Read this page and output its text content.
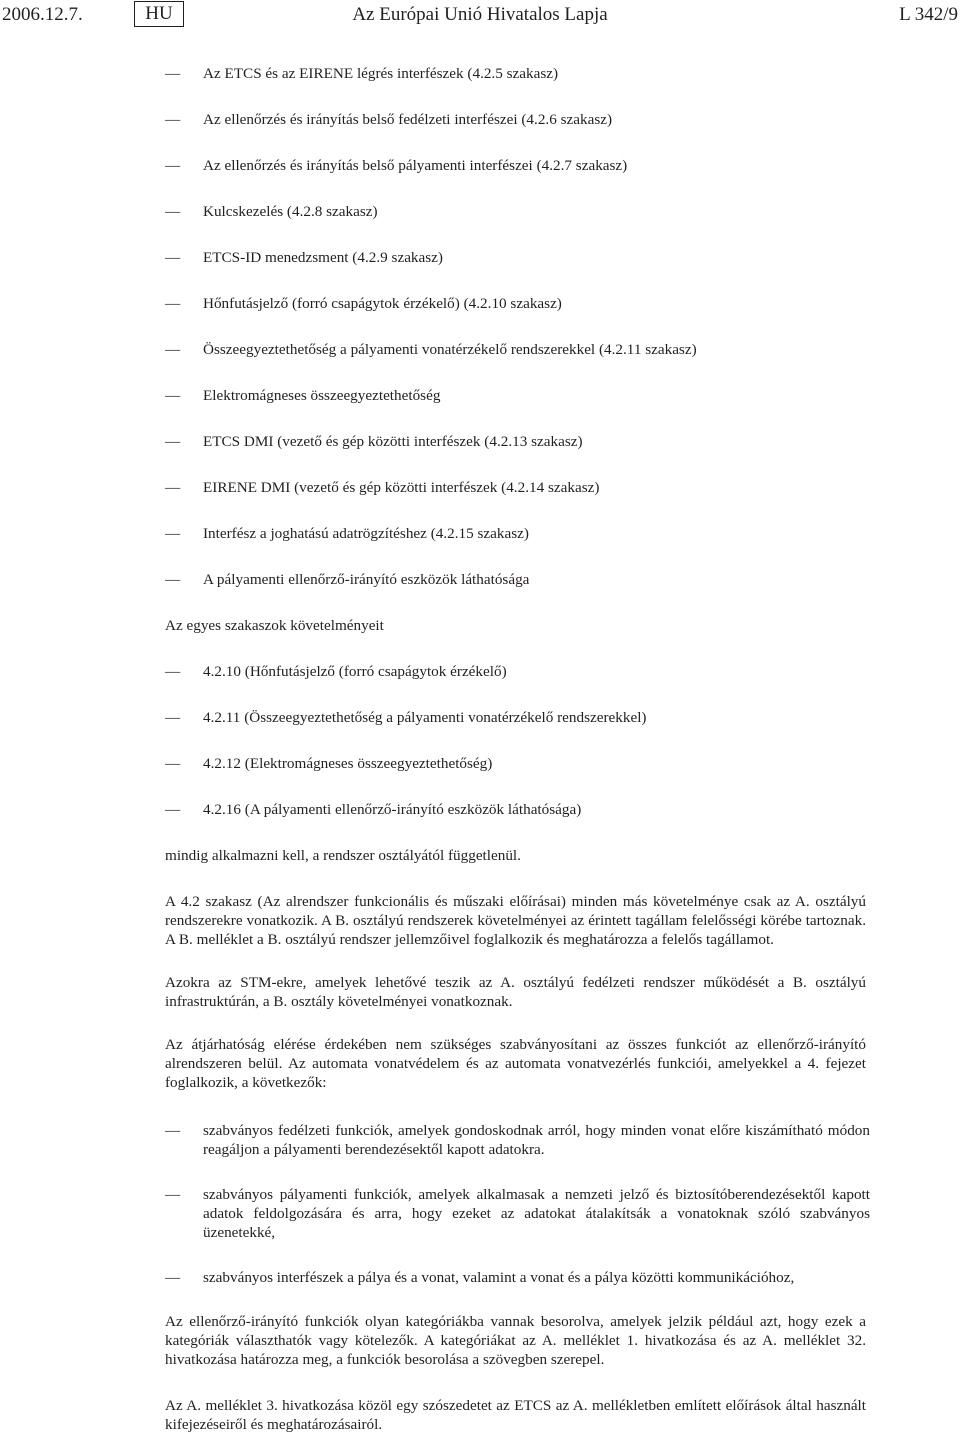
2006.12.7.	Az Európai Unió Hivatalos Lapja
HU	L 342/9
—	Az ETCS és az EIRENE légrés interfészek (4.2.5 szakasz)
—	Az ellenőrzés és irányítás belső fedélzeti interfészei (4.2.6 szakasz)
—	Az ellenőrzés és irányítás belső pályamenti interfészei (4.2.7 szakasz)
—	Kulcskezelés (4.2.8 szakasz)
—	ETCS-ID menedzsment (4.2.9 szakasz)
—	Hőnfutásjelző (forró csapágytok érzékelő) (4.2.10 szakasz)
—	Összeegyeztethetőség a pályamenti vonatérzékelő rendszerekkel (4.2.11 szakasz)
—	Elektromágneses összeegyeztethetőség
—	ETCS DMI (vezető és gép közötti interfészek (4.2.13 szakasz)
—	EIRENE DMI (vezető és gép közötti interfészek (4.2.14 szakasz)
—	Interfész a joghatású adatrögzítéshez (4.2.15 szakasz)
—	A pályamenti ellenőrző-irányító eszközök láthatósága
Az egyes szakaszok követelményeit
—	4.2.10 (Hőnfutásjelző (forró csapágytok érzékelő)
—	4.2.11 (Összeegyeztethetőség a pályamenti vonatérzékelő rendszerekkel)
—	4.2.12 (Elektromágneses összeegyeztethetőség)
—	4.2.16 (A pályamenti ellenőrző-irányító eszközök láthatósága)
mindig alkalmazni kell, a rendszer osztályától függetlenül.
A 4.2 szakasz (Az alrendszer funkcionális és műszaki előírásai) minden más követelménye csak az A. osztályú rendszerekre vonatkozik. A B. osztályú rendszerek követelményei az érintett tagállam felelősségi körébe tartoznak. A B. melléklet a B. osztályú rendszer jellemzőivel foglalkozik és meghatározza a felelős tagállamot.
Azokra az STM-ekre, amelyek lehetővé teszik az A. osztályú fedélzeti rendszer működését a B. osztályú infrastruktúrán, a B. osztály követelményei vonatkoznak.
Az átjárhatóság elérése érdekében nem szükséges szabványosítani az összes funkciót az ellenőrző-irányító alrendszeren belül. Az automata vonatvédelem és az automata vonatvezérlés funkciói, amelyekkel a 4. fejezet foglalkozik, a következők:
—	szabványos fedélzeti funkciók, amelyek gondoskodnak arról, hogy minden vonat előre kiszámítható módon reagáljon a pályamenti berendezésektől kapott adatokra.
—	szabványos pályamenti funkciók, amelyek alkalmasak a nemzeti jelző és biztosítóberendezésektől kapott adatok feldolgozására és arra, hogy ezeket az adatokat átalakítsák a vonatoknak szóló szabványos üzenetekké,
—	szabványos interfészek a pálya és a vonat, valamint a vonat és a pálya közötti kommunikációhoz,
Az ellenőrző-irányító funkciók olyan kategóriákba vannak besorolva, amelyek jelzik például azt, hogy ezek a kategóriák választhatók vagy kötelezők. A kategóriákat az A. melléklet 1. hivatkozása és az A. melléklet 32. hivatkozása határozza meg, a funkciók besorolása a szövegben szerepel.
Az A. melléklet 3. hivatkozása közöl egy szószedetet az ETCS az A. mellékletben említett előírások által használt kifejezéseiről és meghatározásairól.
